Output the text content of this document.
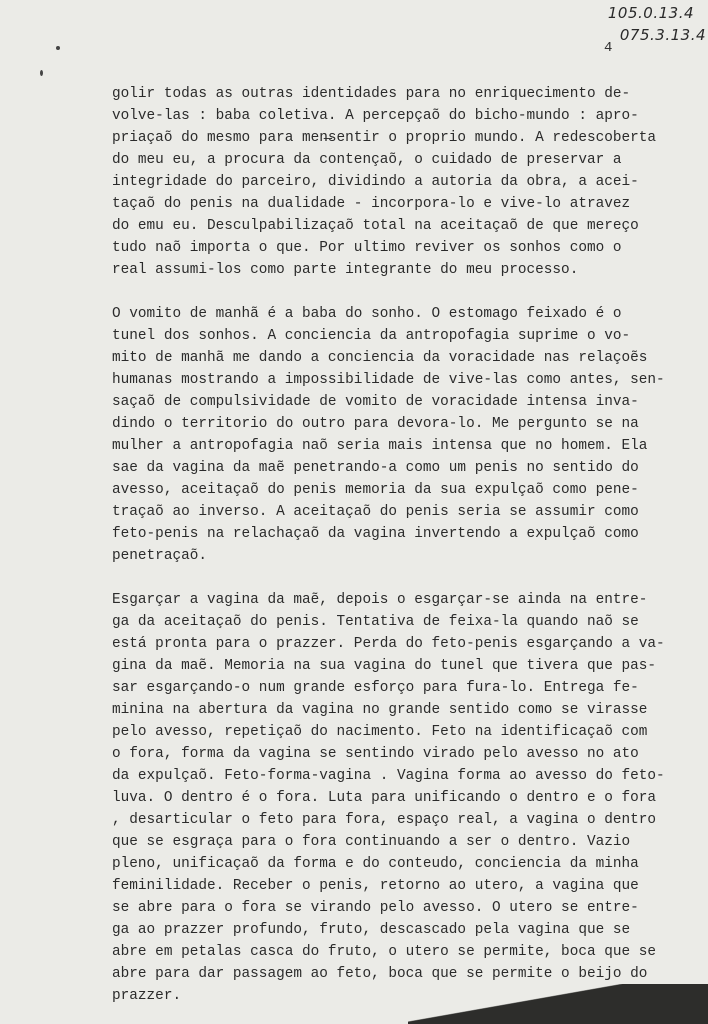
105.0.13.4
075.3.13.4
4

golir todas as outras identidades para no enriquecimento de-
volve-las : baba coletiva. A percepçaõ do bicho-mundo : apro-
priaçaõ do mesmo para men̶sentir o proprio mundo. A redescoberta
do meu eu, a procura da contençaõ, o cuidado de preservar a
integridade do parceiro, dividindo a autoria da obra, a acei-
taçaõ do penis na dualidade - incorpora-lo e vive-lo atravez
do emu eu. Desculpabilizaçaõ total na aceitaçaõ de que mereço
tudo naõ importa o que. Por ultimo reviver os sonhos como o
real assumi-los como parte integrante do meu processo.

O vomito de manhã é a baba do sonho. O estomago feixado é o
tunel dos sonhos. A conciencia da antropofagia suprime o vo-
mito de manhã me dando a conciencia da voracidade nas relaçoẽs
humanas mostrando a impossibilidade de vive-las como antes, sen-
saçaõ de compulsividade de vomito de voracidade intensa inva-
dindo o territorio do outro para devora-lo. Me pergunto se na
mulher a antropofagia naõ seria mais intensa que no homem. Ela
sae da vagina da maẽ penetrando-a como um penis no sentido do
avesso, aceitaçaõ do penis memoria da sua expulçaõ como pene-
traçaõ ao inverso. A aceitaçaõ do penis seria se assumir como
feto-penis na relachaçaõ da vagina invertendo a expulçaõ como
penetraçaõ.

Esgarçar a vagina da maẽ, depois o esgarçar-se ainda na entre-
ga da aceitaçaõ do penis. Tentativa de feixa-la quando naõ se
está pronta para o prazzer. Perda do feto-penis esgarçando a va-
gina da maẽ. Memoria na sua vagina do tunel que tivera que pas-
sar esgarçando-o num grande esforço para fura-lo. Entrega fe-
minina na abertura da vagina no grande sentido como se virasse
pelo avesso, repetiçaõ do nacimento. Feto na identificaçaõ com
o fora, forma da vagina se sentindo virado pelo avesso no ato
da expulçaõ. Feto-forma-vagina . Vagina forma ao avesso do feto-
luva. O dentro é o fora. Luta para unificando o dentro e o fora
, desarticular o feto para fora, espaço real, a vagina o dentro
que se esgraça para o fora continuando a ser o dentro. Vazio
pleno, unificaçaõ da forma e do conteudo, conciencia da minha
feminilidade. Receber o penis, retorno ao utero, a vagina que
se abre para o fora se virando pelo avesso. O utero se entre-
ga ao prazzer profundo, fruto, descascado pela vagina que se
abre em petalas casca do fruto, o utero se permite, boca que se
abre para dar passagem ao feto, boca que se permite o beijo do
prazzer.
